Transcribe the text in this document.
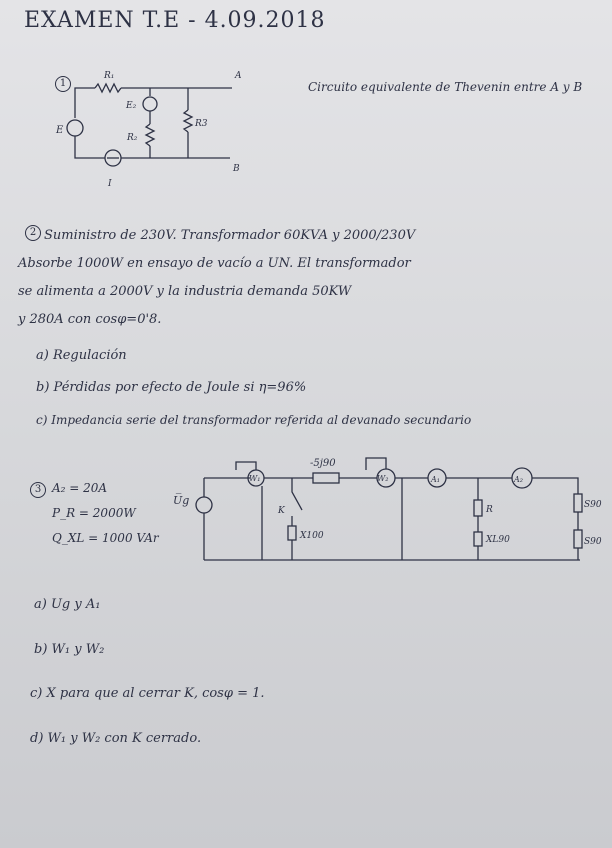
EXAMEN T.E - 4.09.2018
1	Circuito equivalente de Thevenin entre A y B
R₁
E
E₂
R₂
R3
A
B
I
2 Suministro de 230V. Transformador 60KVA y 2000/230V
Absorbe 1000W en ensayo de vacío a UN. El transformador
se alimenta a 2000V y la industria demanda 50KW
y 280A con cosφ=0'8.
a) Regulación
b) Pérdidas por efecto de Joule si η=96%
c) Impedancia serie del transformador referida al devanado secundario
3 A₂ = 20A
P_R = 2000W
Q_XL = 1000 VAr
U̅g
W₁	W₂	A₁	A₂
-5j90
K
X100
R
XL90
S90
S90
a) Ug y A₁
b) W₁ y W₂
c) X para que al cerrar K, cosφ = 1.
d) W₁ y W₂ con K cerrado.
